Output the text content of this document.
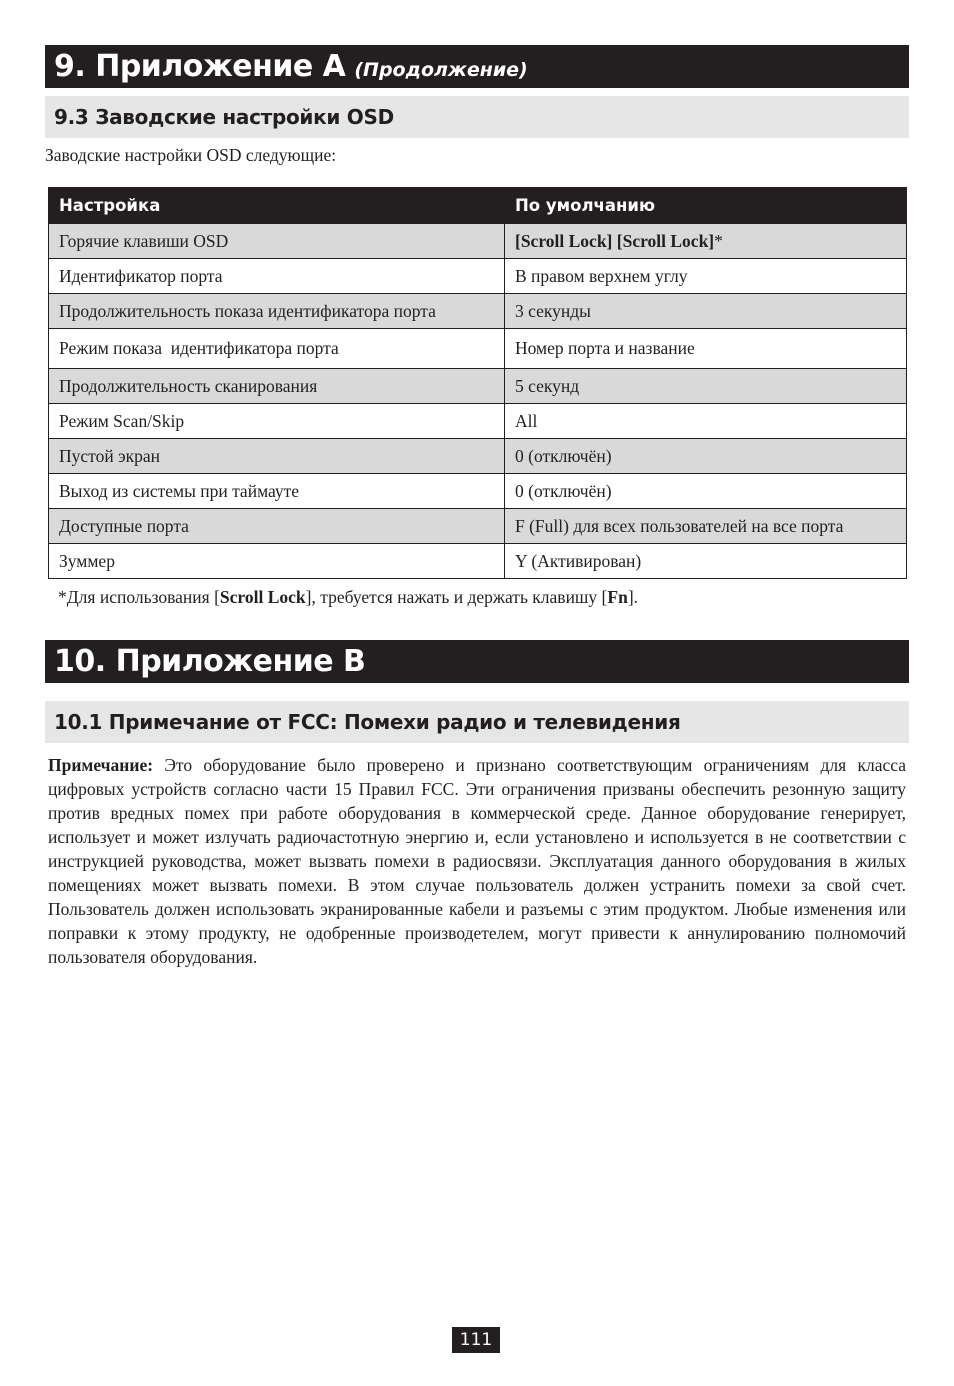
9. Приложение A (Продолжение)
9.3 Заводские настройки OSD
Заводские настройки OSD следующие:
Настройка	По умолчанию
Горячие клавиши OSD	[Scroll Lock] [Scroll Lock]*
Идентификатор порта	В правом верхнем углу
Продолжительность показа идентификатора порта	3 секунды
Режим показа  идентификатора порта	Номер порта и название
Продолжительность сканирования	5 секунд
Режим Scan/Skip	All
Пустой экран	0 (отключён)
Выход из системы при таймауте	0 (отключён)
Доступные порта	F (Full) для всех пользователей на все порта
Зуммер	Y (Активирован)
*Для использования [Scroll Lock], требуется нажать и держать клавишу [Fn].
10. Приложение B
10.1 Примечание от FCC: Помехи радио и телевидения
Примечание: Это оборудование было проверено и признано соответствующим ограничениям для класса цифровых устройств согласно части 15 Правил FCC. Эти ограничения призваны обеспечить резонную защиту против вредных помех при работе оборудования в коммерческой среде. Данное оборудование генерирует, использует и может излучать радиочастотную энергию и, если установлено и используется в не соответствии с инструкцией руководства, может вызвать помехи в радиосвязи. Эксплуатация данного оборудования в жилых помещениях может вызвать помехи. В этом случае пользователь должен устранить помехи за свой счет. Пользователь должен использовать экранированные кабели и разъемы с этим продуктом. Любые изменения или поправки к этому продукту, не одобренные производетелем, могут привести к аннулированию полномочий пользователя оборудования.
111
